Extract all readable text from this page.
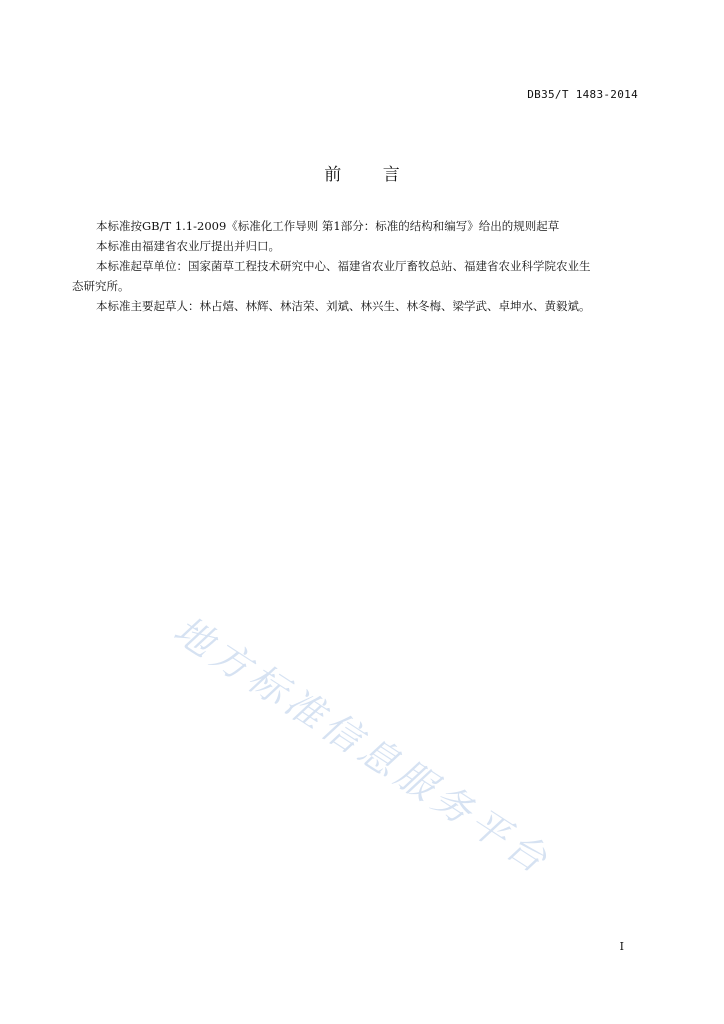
DB35/T 1483-2014
前 言

本标准按GB/T 1.1-2009《标准化工作导则 第1部分：标准的结构和编写》给出的规则起草

本标准由福建省农业厅提出并归口。

本标准起草单位：国家菌草工程技术研究中心、福建省农业厅畜牧总站、福建省农业科学院农业生
态研究所。

本标准主要起草人：林占熺、林辉、林洁荣、刘斌、林兴生、林冬梅、梁学武、卓坤水、黄毅斌。

地方标准信息服务平台
I
